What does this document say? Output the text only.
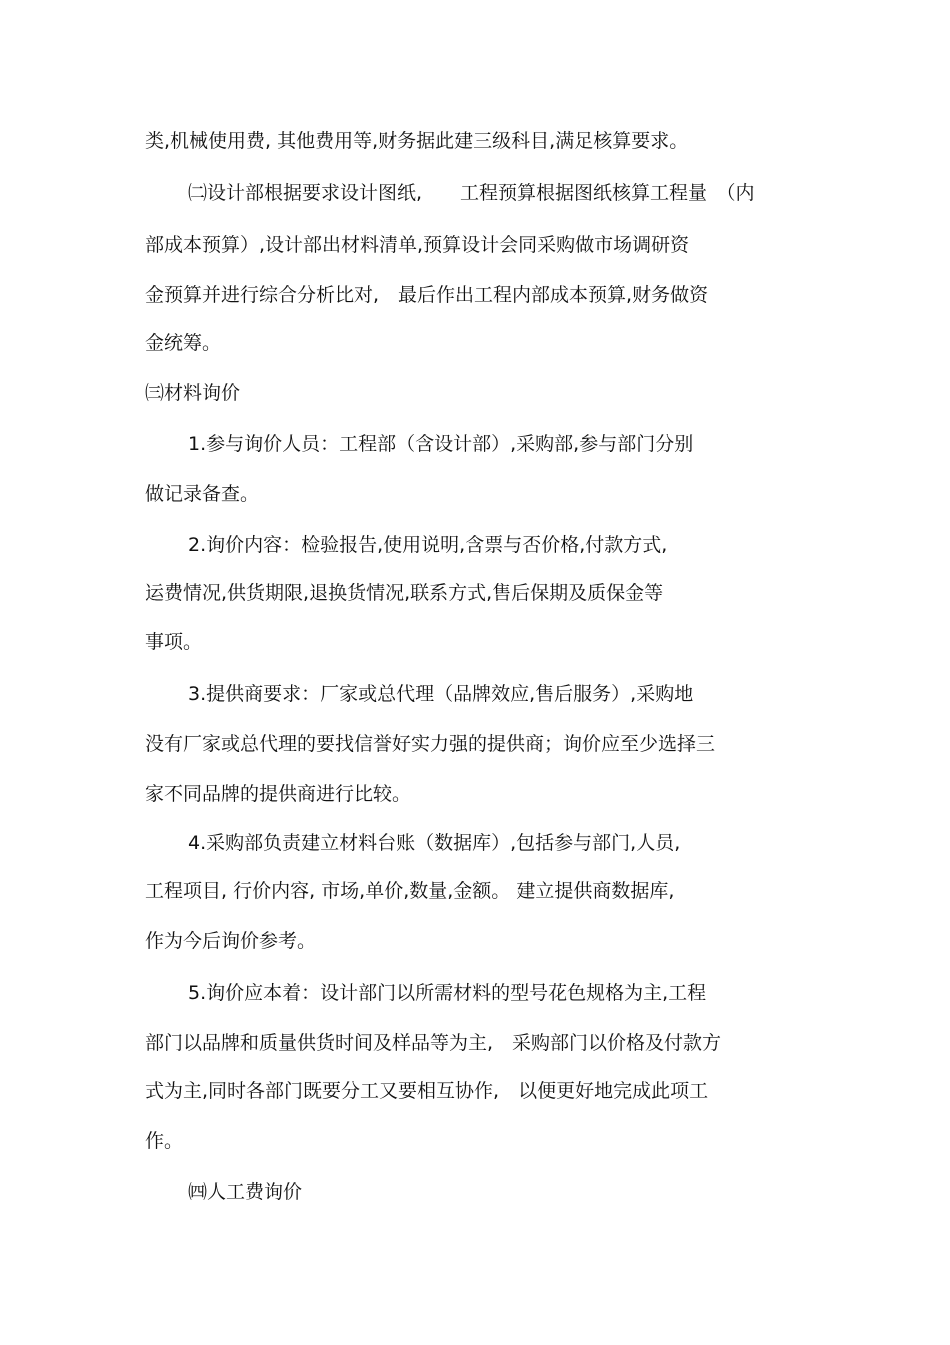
类,机械使用费, 其他费用等,财务据此建三级科目,满足核算要求。
㈡设计部根据要求设计图纸,　　工程预算根据图纸核算工程量　（内
部成本预算）,设计部出材料清单,预算设计会同采购做市场调研资
金预算并进行综合分析比对,　最后作出工程内部成本预算,财务做资
金统筹。
㈢材料询价
1.参与询价人员：工程部（含设计部）,采购部,参与部门分别
做记录备查。
2.询价内容：检验报告,使用说明,含票与否价格,付款方式,
运费情况,供货期限,退换货情况,联系方式,售后保期及质保金等
事项。
3.提供商要求：厂家或总代理（品牌效应,售后服务）,采购地
没有厂家或总代理的要找信誉好实力强的提供商；询价应至少选择三
家不同品牌的提供商进行比较。
4.采购部负责建立材料台账（数据库）,包括参与部门,人员,
工程项目, 行价内容, 市场,单价,数量,金额。 建立提供商数据库,
作为今后询价参考。
5.询价应本着：设计部门以所需材料的型号花色规格为主,工程
部门以品牌和质量供货时间及样品等为主,　采购部门以价格及付款方
式为主,同时各部门既要分工又要相互协作,　以便更好地完成此项工
作。
㈣人工费询价
